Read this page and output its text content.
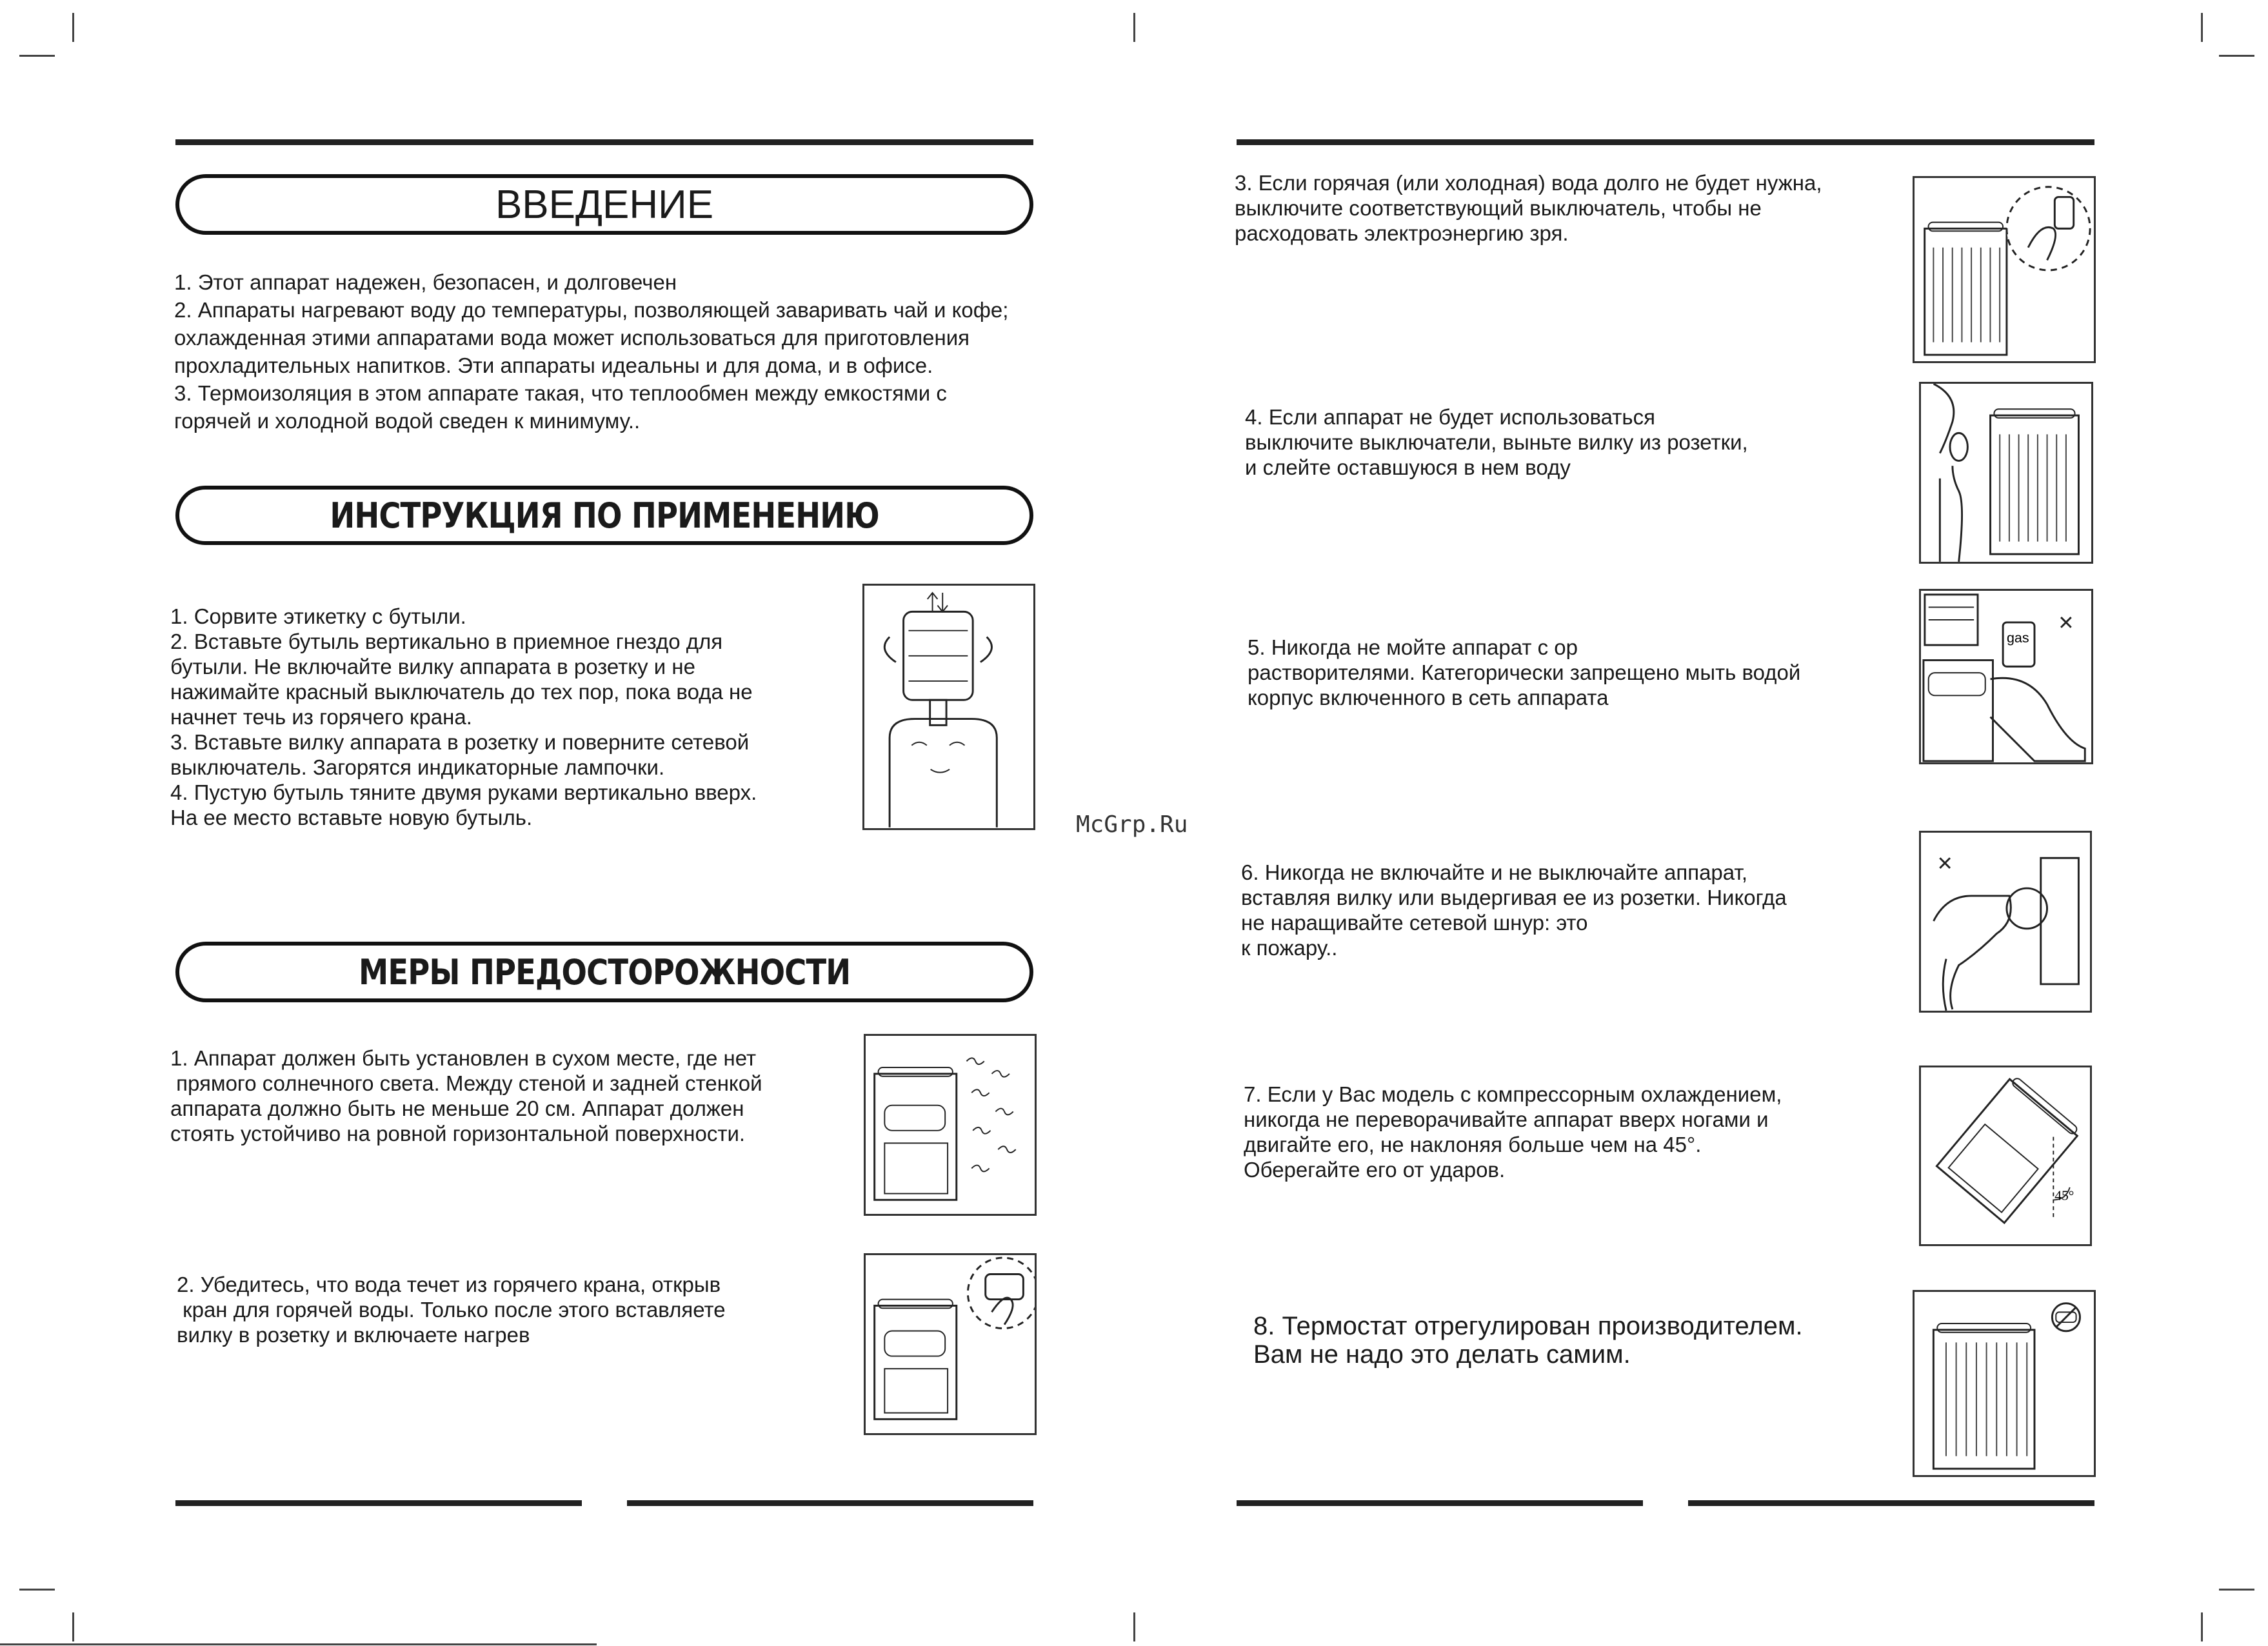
ВВЕДЕНИЕ
1. Этот аппарат надежен, безопасен, и долговечен
2. Аппараты нагревают воду до температуры, позволяющей заваривать чай и кофе;
охлажденная этими аппаратами вода может использоваться для приготовления
прохладительных напитков. Эти аппараты идеальны и для дома, и в офисе.
3. Термоизоляция в этом аппарате такая, что теплообмен между емкостями с
горячей и холодной водой сведен к минимуму..
ИНСТРУКЦИЯ ПО ПРИМЕНЕНИЮ
1. Сорвите этикетку с бутыли.
2. Вставьте бутыль вертикально в приемное гнездо для
бутыли. Не включайте вилку аппарата в розетку и не
нажимайте красный выключатель до тех пор, пока вода не
начнет течь из горячего крана.
3. Вставьте вилку аппарата в розетку и поверните сетевой
выключатель. Загорятся индикаторные лампочки.
4. Пустую бутыль тяните двумя руками вертикально вверх.
На ее место вставьте новую бутыль.
МЕРЫ ПРЕДОСТОРОЖНОСТИ
1. Аппарат должен быть установлен в сухом месте, где нет
прямого солнечного света. Между стеной и задней стенкой
аппарата должно быть не меньше 20 см. Аппарат должен
стоять устойчиво на ровной горизонтальной поверхности.
2. Убедитесь, что вода течет из горячего крана, открыв
кран для горячей воды. Только после этого вставляете
вилку в розетку и включаете нагрев
McGrp.Ru
3. Если горячая (или холодная) вода долго не будет нужна,
выключите соответствующий выключатель, чтобы не
расходовать электроэнергию зря.
4. Если аппарат не будет использоваться
выключите выключатели, выньте вилку из розетки,
и слейте оставшуюся в нем воду
5. Никогда не мойте аппарат с ор
растворителями. Категорически запрещено мыть водой
корпус включенного в сеть аппарата
gas
6. Никогда не включайте и не выключайте аппарат,
вставляя вилку или выдергивая ее из розетки. Никогда
не наращивайте сетевой шнур: это
к пожару..
7. Если у Вас модель с компрессорным охлаждением,
никогда не переворачивайте аппарат вверх ногами и
двигайте его, не наклоняя больше чем на 45°.
Оберегайте его от ударов.
45°
8. Термостат отрегулирован производителем.
Вам не надо это делать самим.
